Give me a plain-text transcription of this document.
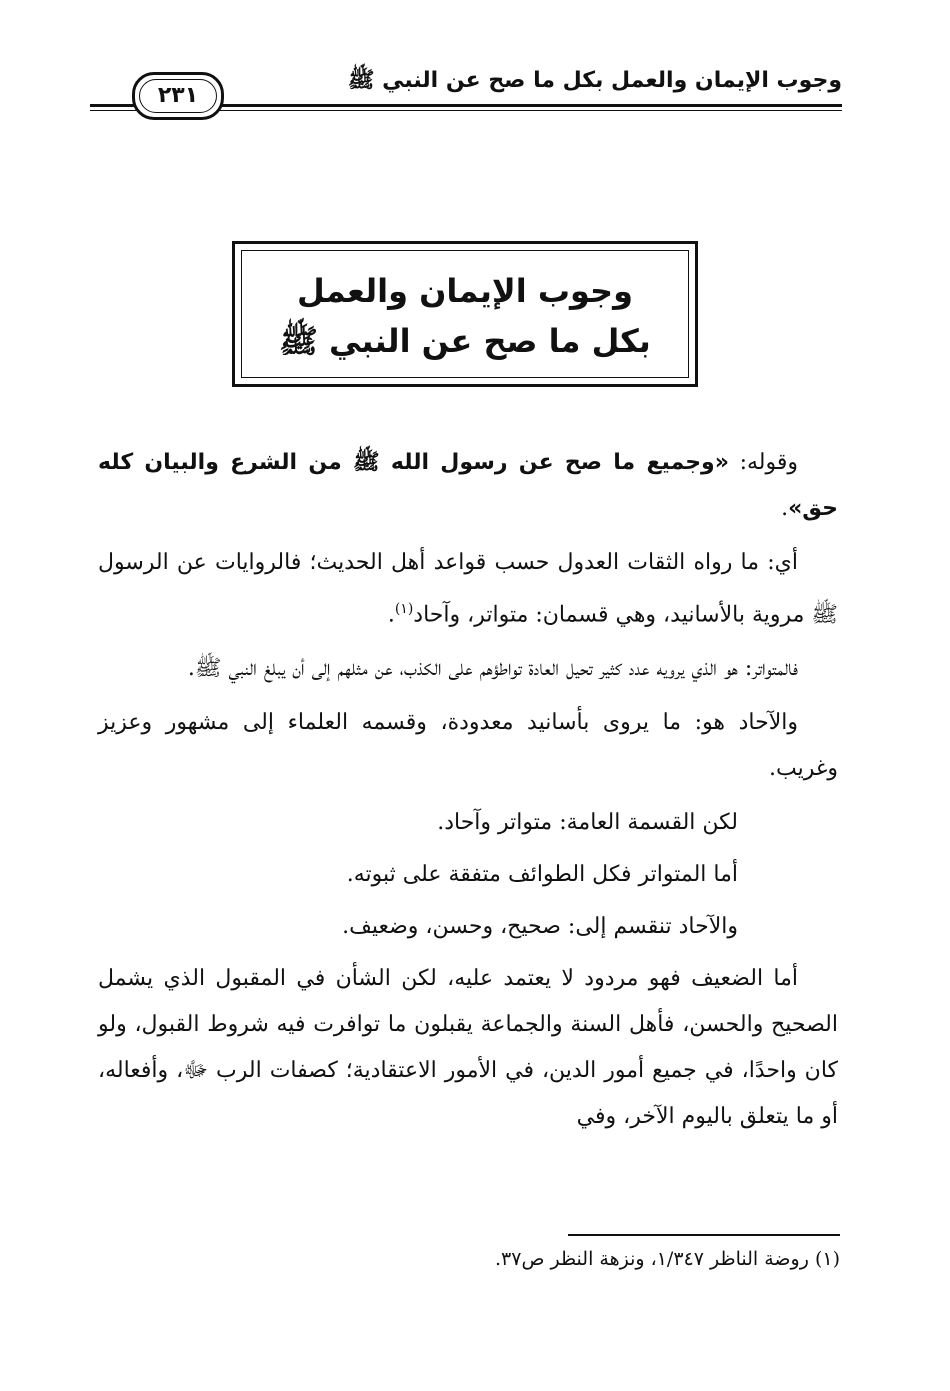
وجوب الإيمان والعمل بكل ما صح عن النبي ﷺ
٢٣١
وجوب الإيمان والعمل
بكل ما صح عن النبي ﷺ

وقوله: «وجميع ما صح عن رسول الله ﷺ من الشرع والبيان كله حق».

أي: ما رواه الثقات العدول حسب قواعد أهل الحديث؛ فالروايات عن الرسول ﷺ مروية بالأسانيد، وهي قسمان: متواتر، وآحاد$^{(١)}$.

فالمتواتر: هو الذي يرويه عدد كثير تحيل العادة تواطؤهم على الكذب، عن مثلهم إلى أن يبلغ النبي ﷺ.

والآحاد هو: ما يروى بأسانيد معدودة، وقسمه العلماء إلى مشهور وعزيز وغريب.

لكن القسمة العامة: متواتر وآحاد.

أما المتواتر فكل الطوائف متفقة على ثبوته.

والآحاد تنقسم إلى: صحيح، وحسن، وضعيف.

أما الضعيف فهو مردود لا يعتمد عليه، لكن الشأن في المقبول الذي يشمل الصحيح والحسن، فأهل السنة والجماعة يقبلون ما توافرت فيه شروط القبول، ولو كان واحدًا، في جميع أمور الدين، في الأمور الاعتقادية؛ كصفات الرب ﷻ، وأفعاله، أو ما يتعلق باليوم الآخر، وفي

(١) روضة الناظر ١/٣٤٧، ونزهة النظر ص٣٧.
